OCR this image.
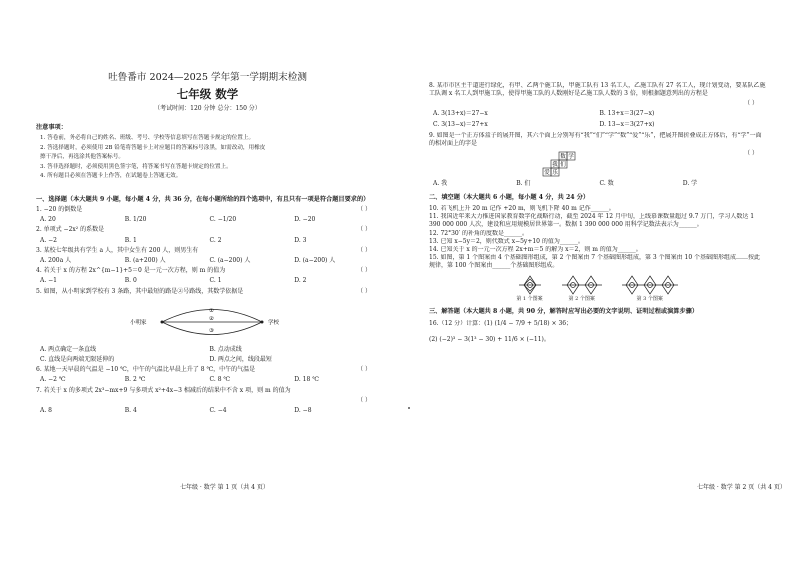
吐鲁番市 2024—2025 学年第一学期期末检测

七年级 数学

（考试时间：120 分钟 总分：150 分）

注意事项：

1. 答卷前，务必将自己的姓名、班级、考号、学校等信息填写在答题卡规定的位置上。

2. 答选择题时，必须使用 2B 铅笔将答题卡上对应题目的答案标号涂黑，如需改动，用橡皮

擦干净后，再选涂其他答案标号。

3. 答非选择题时，必须使用黑色签字笔，将答案书写在答题卡规定的位置上。

4. 所有题目必须在答题卡上作答，在试题卷上答题无效。

一、选择题（本大题共 9 小题，每小题 4 分，共 36 分，在每小题所给的四个选项中，有且只有一项是符合题目要求的）

1. −20 的倒数是	（ ）
A. 20	B. 1/20	C. −1/20	D. −20
2. 单项式 −2x² 的系数是	（ ）
A. −2	B. 1	C. 2	D. 3
3. 某校七年级共有学生 a 人，其中女生有 200 人，则男生有	（ ）
A. 200a 人	B. (a+200) 人	C. (a−200) 人	D. (a−200) 人
4. 若关于 x 的方程 2x^{m−1}+5＝0 是一元一次方程，则 m 的值为	（ ）
A. −1	B. 0	C. 1	D. 2
5. 如图，从小明家到学校有 3 条路，其中最短的路是②号路线，其数学依据是	（ ）
小明家	学校
①
②
③
A. 两点确定一条直线	B. 点动成线
C. 直线是向两端无限延伸的	D. 两点之间，线段最短
6. 某地一天早晨的气温是 −10 ℃，中午的气温比早晨上升了 8 ℃，中午的气温是	（ ）
A. −2 ℃	B. 2 ℃	C. 8 ℃	D. 18 ℃
7. 若关于 x 的多项式 2x³−mx+9 与多项式 x²+4x−3 相减后的结果中不含 x 项，则 m 的值为
（ ）
A. 8	B. 4	C. −4	D. −8
七年级 · 数学 第 1 页（共 4 页）

8. 某市市区主干道进行绿化，有甲、乙两个施工队，甲施工队有 13 名工人，乙施工队有 27 名工人，现计划变动，要某队乙施工队调 x 名工人到甲施工队，使得甲施工队的人数刚好是乙施工队人数的 3 倍，则根据题意列出的方程是

（ ）
A. 3(13+x)＝27−x	B. 13+x＝3(27−x)
C. 3(13−x)＝27+x	D. 13−x＝3(27+x)

9. 如图是一个正方体盒子的展开图，其六个面上分别写有“我”“们”“学”“数”“爱”“乐”，把展开图折叠成正方体后，有“学”一面的相对面上的字是

（ ）
数 学
我 们
爱 乐
A. 我	B. 们	C. 数	D. 学

二、填空题（本大题共 6 小题，每小题 4 分，共 24 分）

10. 若飞机上升 20 m 记作 +20 m，则飞机下降 40 m 记作______。

11. 我国近年来大力推进国家教育数字化战略行动，截至 2024 年 12 月中旬，上线慕课数量超过 9.7 万门，学习人数达 1 390 000 000 人次，建设和应用规模居世界第一。数据 1 390 000 000 用科学记数法表示为______。

12. 72°30′ 的补角的度数是______。

13. 已知 x−5y＝2，则代数式 x−5y+10 的值为______。

14. 已知关于 x 的一元一次方程 2x+m＝5 的解为 x＝2，则 m 的值为______。

15. 如图，第 1 个图案由 4 个基础图形组成，第 2 个图案由 7 个基础图形组成，第 3 个图案由 10 个基础图形组成……按此规律，第 100 个图案由______个基础图形组成。

第 1 个图案	第 2 个图案	第 3 个图案

三、解答题（本大题共 8 小题，共 90 分，解答时应写出必要的文字说明、证明过程或演算步骤）

16.（12 分）计算：(1) (1/4 − 7/9 + 5/18) × 36；

(2) (−2)³ − 3(1³ − 30) + 11/6 × (−11)。

七年级 · 数学 第 2 页（共 4 页）
